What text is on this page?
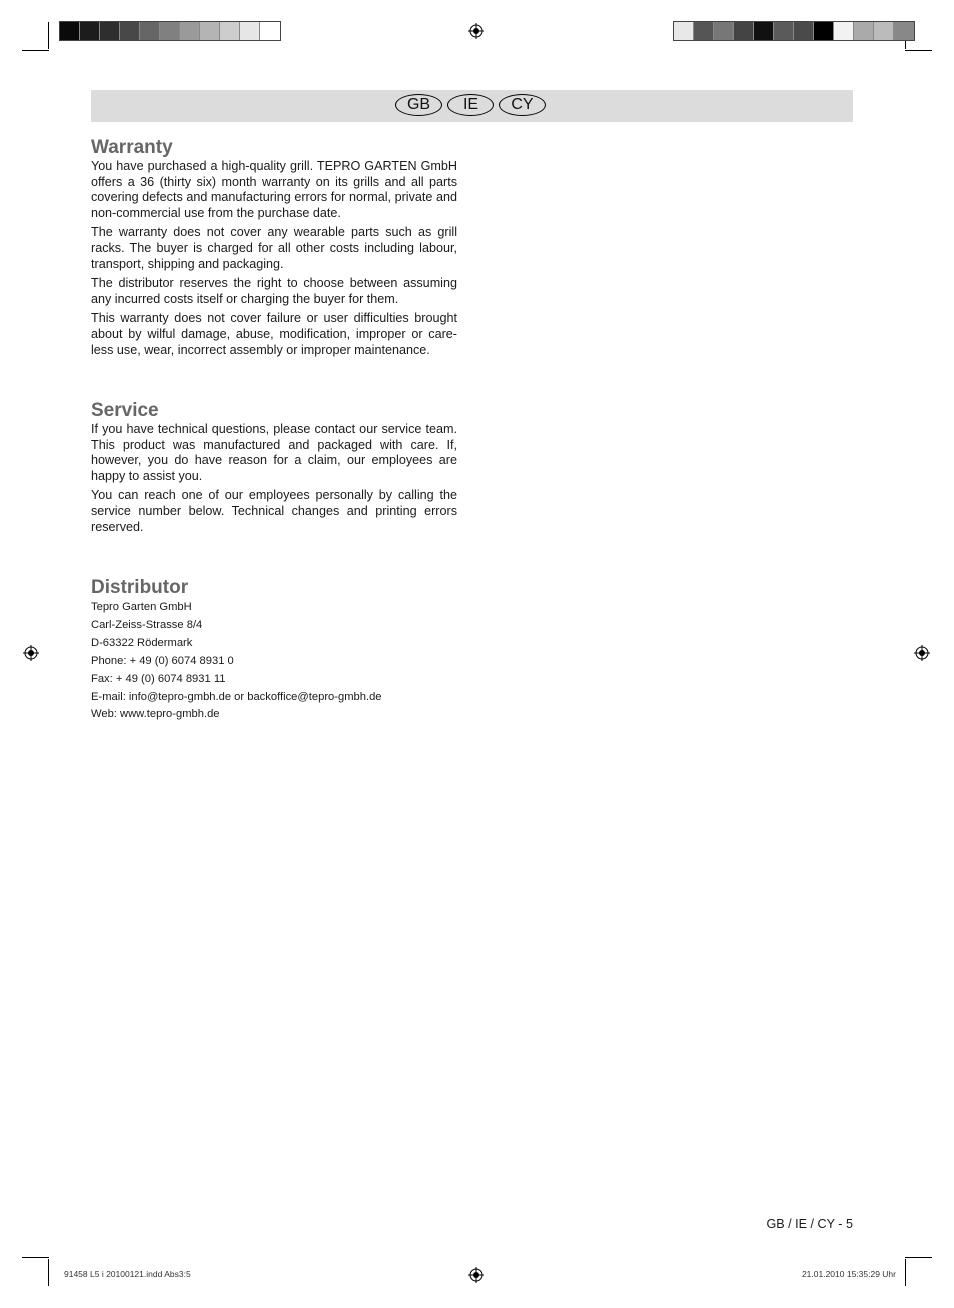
GB	IE	CY
Warranty

You have purchased a high-quality grill. TEPRO GARTEN GmbH offers a 36 (thirty six) month warranty on its grills and all parts covering defects and manufacturing errors for normal, private and non-commercial use from the purchase date.

The warranty does not cover any wearable parts such as grill racks. The buyer is charged for all other costs including labour, transport, shipping and packaging.

The distributor reserves the right to choose between assuming any incurred costs itself or charging the buyer for them.

This warranty does not cover failure or user difficulties brought about by wilful damage, abuse, modification, improper or care-less use, wear, incorrect assembly or improper maintenance.

Service

If you have technical questions, please contact our service team. This product was manufactured and packaged with care. If, however, you do have reason for a claim, our employees are happy to assist you.

You can reach one of our employees personally by calling the service number below. Technical changes and printing errors reserved.

Distributor
Tepro Garten GmbH
Carl-Zeiss-Strasse 8/4
D-63322 Rödermark
Phone: + 49 (0) 6074 8931 0
Fax: + 49 (0) 6074 8931 11
E-mail: info@tepro-gmbh.de or backoffice@tepro-gmbh.de
Web: www.tepro-gmbh.de
GB / IE / CY - 5
91458 L5 i 20100121.indd Abs3:5	21.01.2010 15:35:29 Uhr
